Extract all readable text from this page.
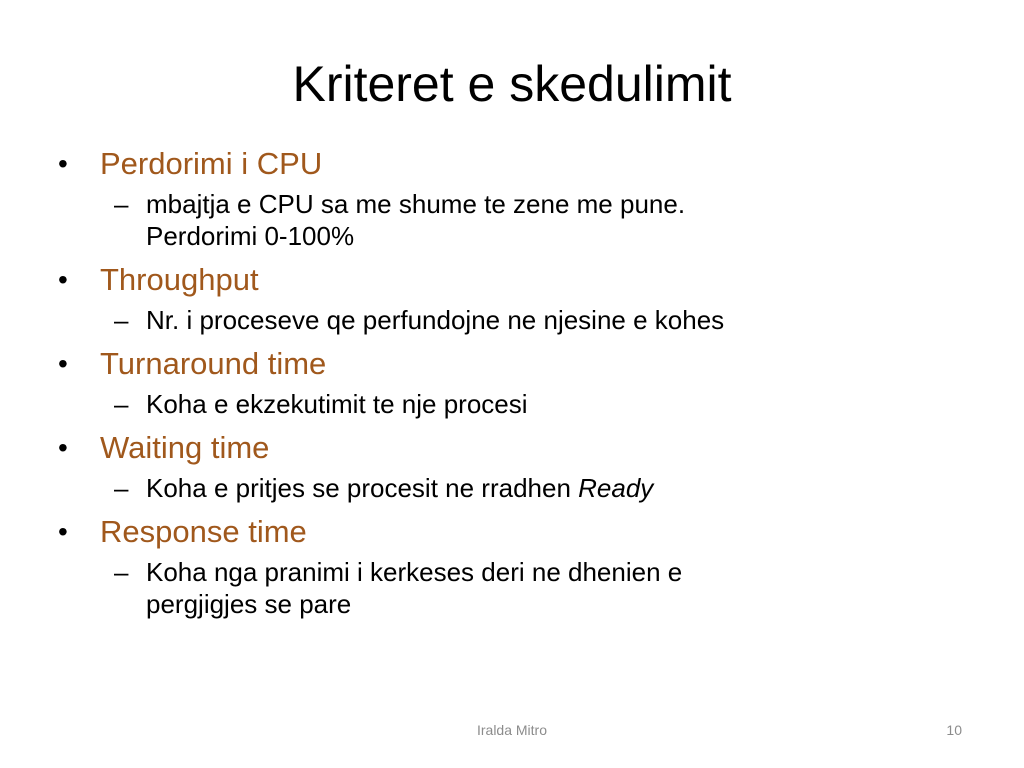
Kriteret e skedulimit
•	Perdorimi i CPU
– mbajtja e CPU sa me shume te zene me pune.
Perdorimi 0-100%
•	Throughput
– Nr. i proceseve qe perfundojne ne njesine e kohes
•	Turnaround time
– Koha e ekzekutimit te nje procesi
•	Waiting time
– Koha e pritjes se procesit ne rradhen Ready
•	Response time
– Koha nga pranimi i kerkeses deri ne dhenien e
pergjigjes se pare
Iralda Mitro	10
